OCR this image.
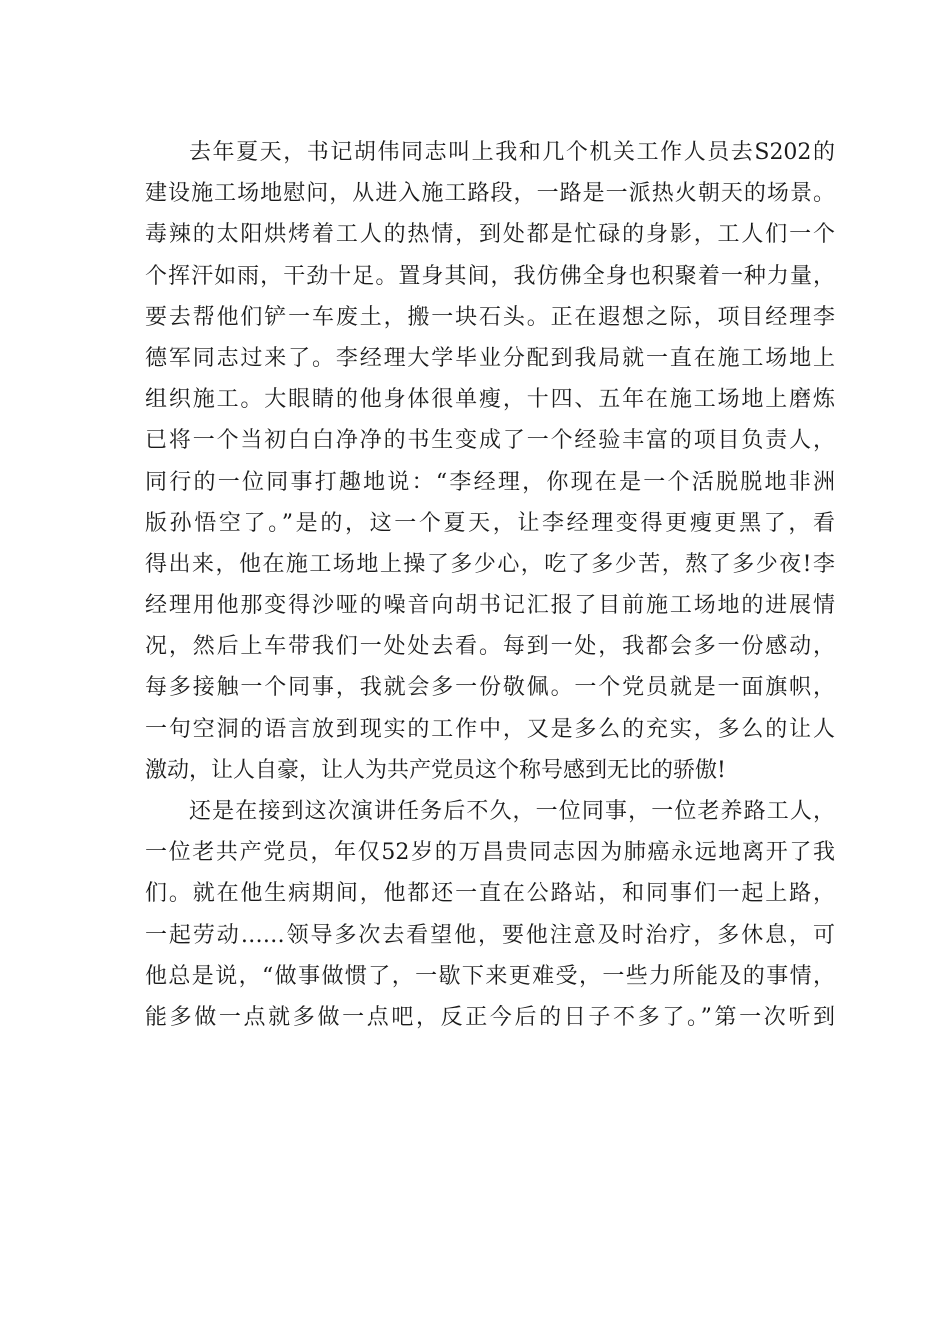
去年夏天，书记胡伟同志叫上我和几个机关工作人员去S202的
建设施工场地慰问，从进入施工路段，一路是一派热火朝天的场景。
毒辣的太阳烘烤着工人的热情，到处都是忙碌的身影，工人们一个
个挥汗如雨，干劲十足。置身其间，我仿佛全身也积聚着一种力量，
要去帮他们铲一车废土，搬一块石头。正在遐想之际，项目经理李
德军同志过来了。李经理大学毕业分配到我局就一直在施工场地上
组织施工。大眼睛的他身体很单瘦，十四、五年在施工场地上磨炼
已将一个当初白白净净的书生变成了一个经验丰富的项目负责人，
同行的一位同事打趣地说：“李经理，你现在是一个活脱脱地非洲
版孙悟空了。”是的，这一个夏天，让李经理变得更瘦更黑了，看
得出来，他在施工场地上操了多少心，吃了多少苦，熬了多少夜!李
经理用他那变得沙哑的噪音向胡书记汇报了目前施工场地的进展情
况，然后上车带我们一处处去看。每到一处，我都会多一份感动，
每多接触一个同事，我就会多一份敬佩。一个党员就是一面旗帜，
一句空洞的语言放到现实的工作中，又是多么的充实，多么的让人
激动，让人自豪，让人为共产党员这个称号感到无比的骄傲!
还是在接到这次演讲任务后不久，一位同事，一位老养路工人，
一位老共产党员，年仅52岁的万昌贵同志因为肺癌永远地离开了我
们。就在他生病期间，他都还一直在公路站，和同事们一起上路，
一起劳动……领导多次去看望他，要他注意及时治疗，多休息，可
他总是说，“做事做惯了，一歇下来更难受，一些力所能及的事情，
能多做一点就多做一点吧，反正今后的日子不多了。”第一次听到
